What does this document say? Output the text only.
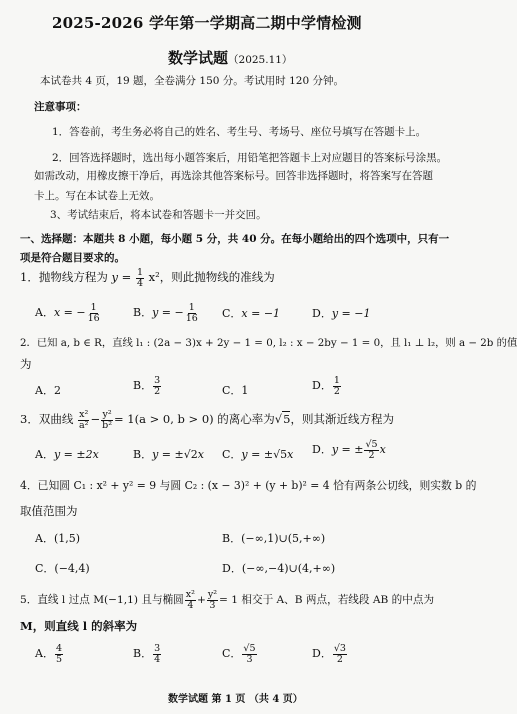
2025-2026 学年第一学期高二期中学情检测
数学试题（2025.11）
本试卷共 4 页，19 题，全卷满分 150 分。考试用时 120 分钟。
注意事项：
1．答卷前，考生务必将自己的姓名、考生号、考场号、座位号填写在答题卡上。
2．回答选择题时，选出每小题答案后，用铅笔把答题卡上对应题目的答案标号涂黑。
如需改动，用橡皮擦干净后，再选涂其他答案标号。回答非选择题时，将答案写在答题
卡上。写在本试卷上无效。
3、考试结束后，将本试卷和答题卡一并交回。
一、选择题：本题共 8 小题，每小题 5 分，共 40 分。在每小题给出的四个选项中，只有一
项是符合题目要求的。
1．抛物线方程为 $y = \frac{1}{4} x^2$，则此抛物线的准线为
A．x = − $\frac{1}{16}$	B．y = − $\frac{1}{16}$ C．x = −1	D．y = −1
2．已知 a, b ∈ R，直线 l₁ : (2a − 3)x + 2y − 1 = 0, l₂ : x − 2by − 1 = 0，且 l₁ ⊥ l₂，则 a − 2b 的值
为
A．2	B． $\frac{3}{2}$	C．1	D． $\frac{1}{2}$
3．双曲线 $\frac{\text{x²}}{\text{a²}} - \frac{\text{y²}}{\text{b²}} = 1(a > 0$, b > 0) 的离心率为√5，则其渐近线方程为
A．y = ±2x	B．y = ±√2x C．y = ±√5x D．y = ± $\frac{√5}{2}$ x
4．已知圆 C₁ : x² + y² = 9 与圆 C₂ : (x − 3)² + (y + b)² = 4 恰有两条公切线，则实数 b 的
取值范围为
A．(1,5)	B．(−∞,1)∪(5,+∞)
C．(−4,4)	D．(−∞,−4)∪(4,+∞)
5．直线 l 过点 M(−1,1) 且与椭圆 $\frac{\text{x²}}{4} + \frac{\text{y²}}{3} = 1$ 相交于 A、B 两点，若线段 AB 的中点为
M，则直线 l 的斜率为
A． $\frac{4}{5}$	B． $\frac{3}{4}$	C． $\frac{√5}{3}$	D． $\frac{√3}{2}$
数学试题 第 1 页 （共 4 页）
